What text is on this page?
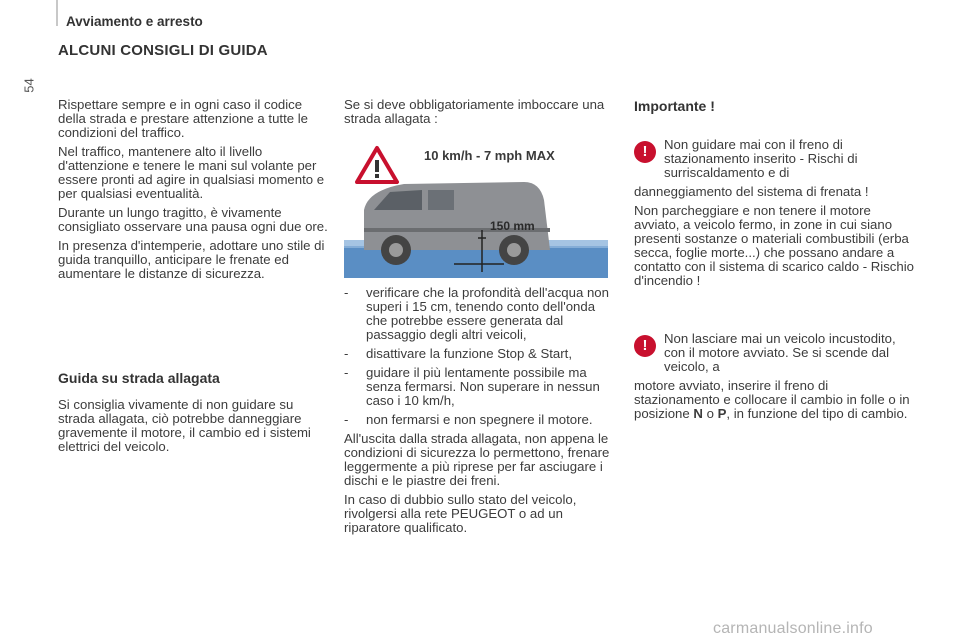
54
Avviamento e arresto
ALCUNI CONSIGLI DI GUIDA

Rispettare sempre e in ogni caso il codice della strada e prestare attenzione a tutte le condizioni del traffico.

Nel traffico, mantenere alto il livello d'attenzione e tenere le mani sul volante per essere pronti ad agire in qualsiasi momento e per qualsiasi eventualità.

Durante un lungo tragitto, è vivamente consigliato osservare una pausa ogni due ore.

In presenza d'intemperie, adottare uno stile di guida tranquillo, anticipare le frenate ed aumentare le distanze di sicurezza.

Guida su strada allagata

Si consiglia vivamente di non guidare su strada allagata, ciò potrebbe danneggiare gravemente il motore, il cambio ed i sistemi elettrici del veicolo.

Se si deve obbligatoriamente imboccare una strada allagata :

10 km/h - 7 mph MAX
150 mm
- verificare che la profondità dell'acqua non superi i 15 cm, tenendo conto dell'onda che potrebbe essere generata dal passaggio degli altri veicoli,
- disattivare la funzione Stop & Start,
- guidare il più lentamente possibile ma senza fermarsi. Non superare in nessun caso i 10 km/h,
- non fermarsi e non spegnere il motore.

All'uscita dalla strada allagata, non appena le condizioni di sicurezza lo permettono, frenare leggermente a più riprese per far asciugare i dischi e le piastre dei freni.

In caso di dubbio sullo stato del veicolo, rivolgersi alla rete PEUGEOT o ad un riparatore qualificato.

Importante !
!	Non guidare mai con il freno di stazionamento inserito - Rischi di surriscaldamento e di

danneggiamento del sistema di frenata !

Non parcheggiare e non tenere il motore avviato, a veicolo fermo, in zone in cui siano presenti sostanze o materiali combustibili (erba secca, foglie morte...) che possano andare a contatto con il sistema di scarico caldo - Rischio d'incendio !

!	Non lasciare mai un veicolo incustodito, con il motore avviato. Se si scende dal veicolo, a

motore avviato, inserire il freno di stazionamento e collocare il cambio in folle o in posizione N o P, in funzione del tipo di cambio.

carmanualsonline.info
